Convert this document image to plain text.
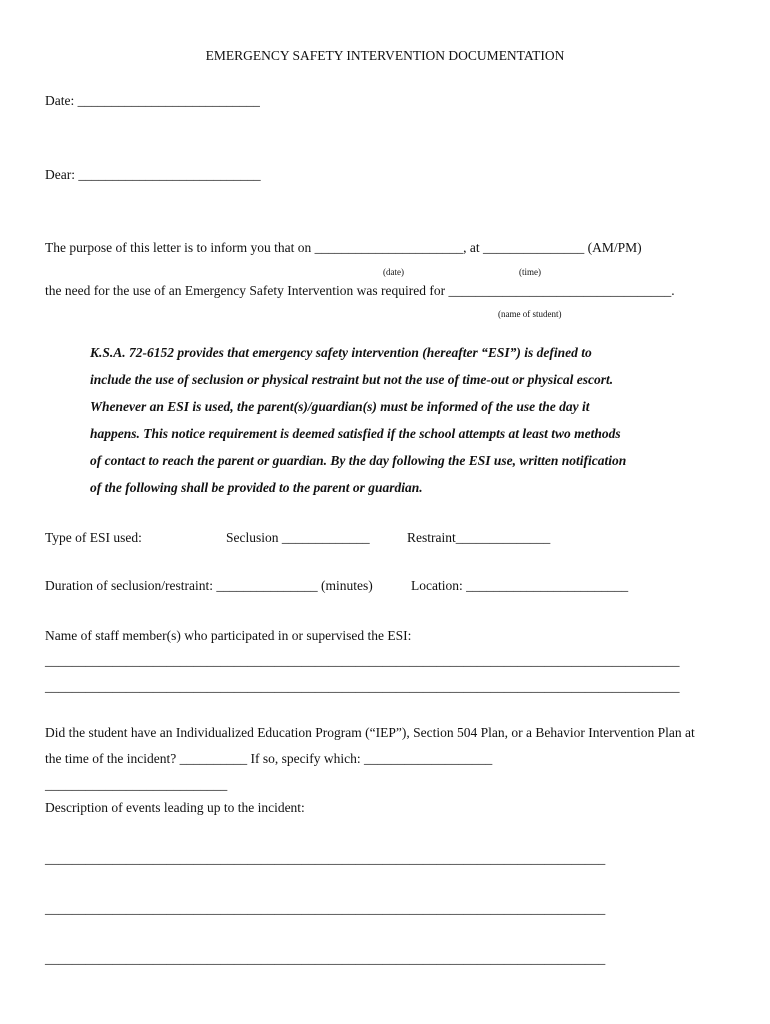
EMERGENCY SAFETY INTERVENTION DOCUMENTATION
Date: ___________________________
Dear: ___________________________
The purpose of this letter is to inform you that on ______________________, at _______________ (AM/PM)
(date)	(time)
the need for the use of an Emergency Safety Intervention was required for _________________________________.
(name of student)
K.S.A. 72-6152 provides that emergency safety intervention (hereafter “ESI”) is defined to
include the use of seclusion or physical restraint but not the use of time-out or physical escort.
Whenever an ESI is used, the parent(s)/guardian(s) must be informed of the use the day it
happens. This notice requirement is deemed satisfied if the school attempts at least two methods
of contact to reach the parent or guardian. By the day following the ESI use, written notification
of the following shall be provided to the parent or guardian.
Type of ESI used:	Seclusion _____________	Restraint______________
Duration of seclusion/restraint: _______________ (minutes)	Location: ________________________
Name of staff member(s) who participated in or supervised the ESI:
______________________________________________________________________________________________
______________________________________________________________________________________________
Did the student have an Individualized Education Program (“IEP”), Section 504 Plan, or a Behavior Intervention Plan at
the time of the incident? __________ If so, specify which: ___________________
___________________________
Description of events leading up to the incident:
___________________________________________________________________________________
___________________________________________________________________________________
___________________________________________________________________________________
